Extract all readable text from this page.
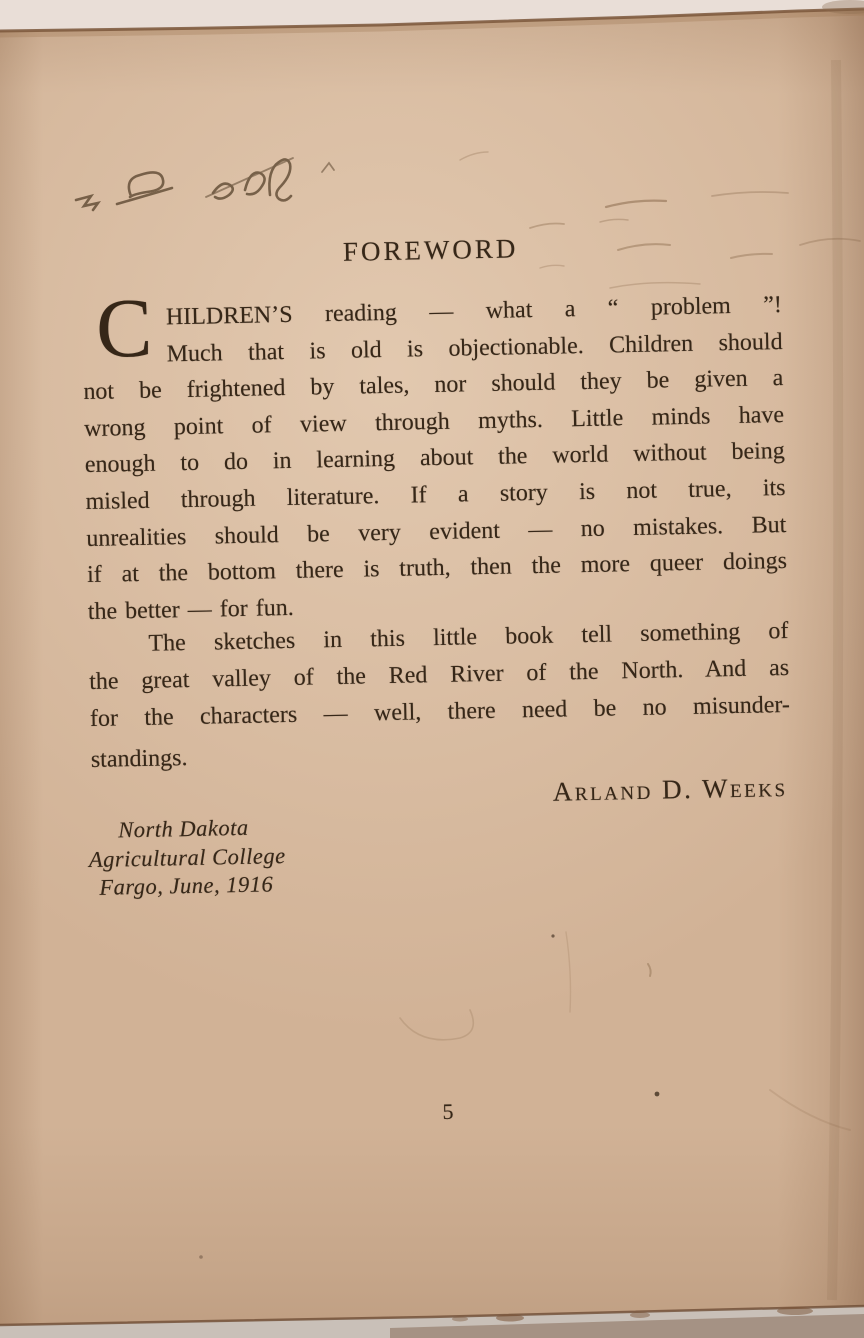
FOREWORD
C HILDREN’S reading — what a “ problem ”!
Much that is old is objectionable. Children should
not be frightened by tales, nor should they be given a
wrong point of view through myths. Little minds have
enough to do in learning about the world without being
misled through literature. If a story is not true, its
unrealities should be very evident — no mistakes. But
if at the bottom there is truth, then the more queer doings
the better — for fun.
The sketches in this little book tell something of
the great valley of the Red River of the North. And as
for the characters — well, there need be no misunder-
standings.
Arland D. Weeks
North Dakota
Agricultural College
Fargo, June, 1916
5
